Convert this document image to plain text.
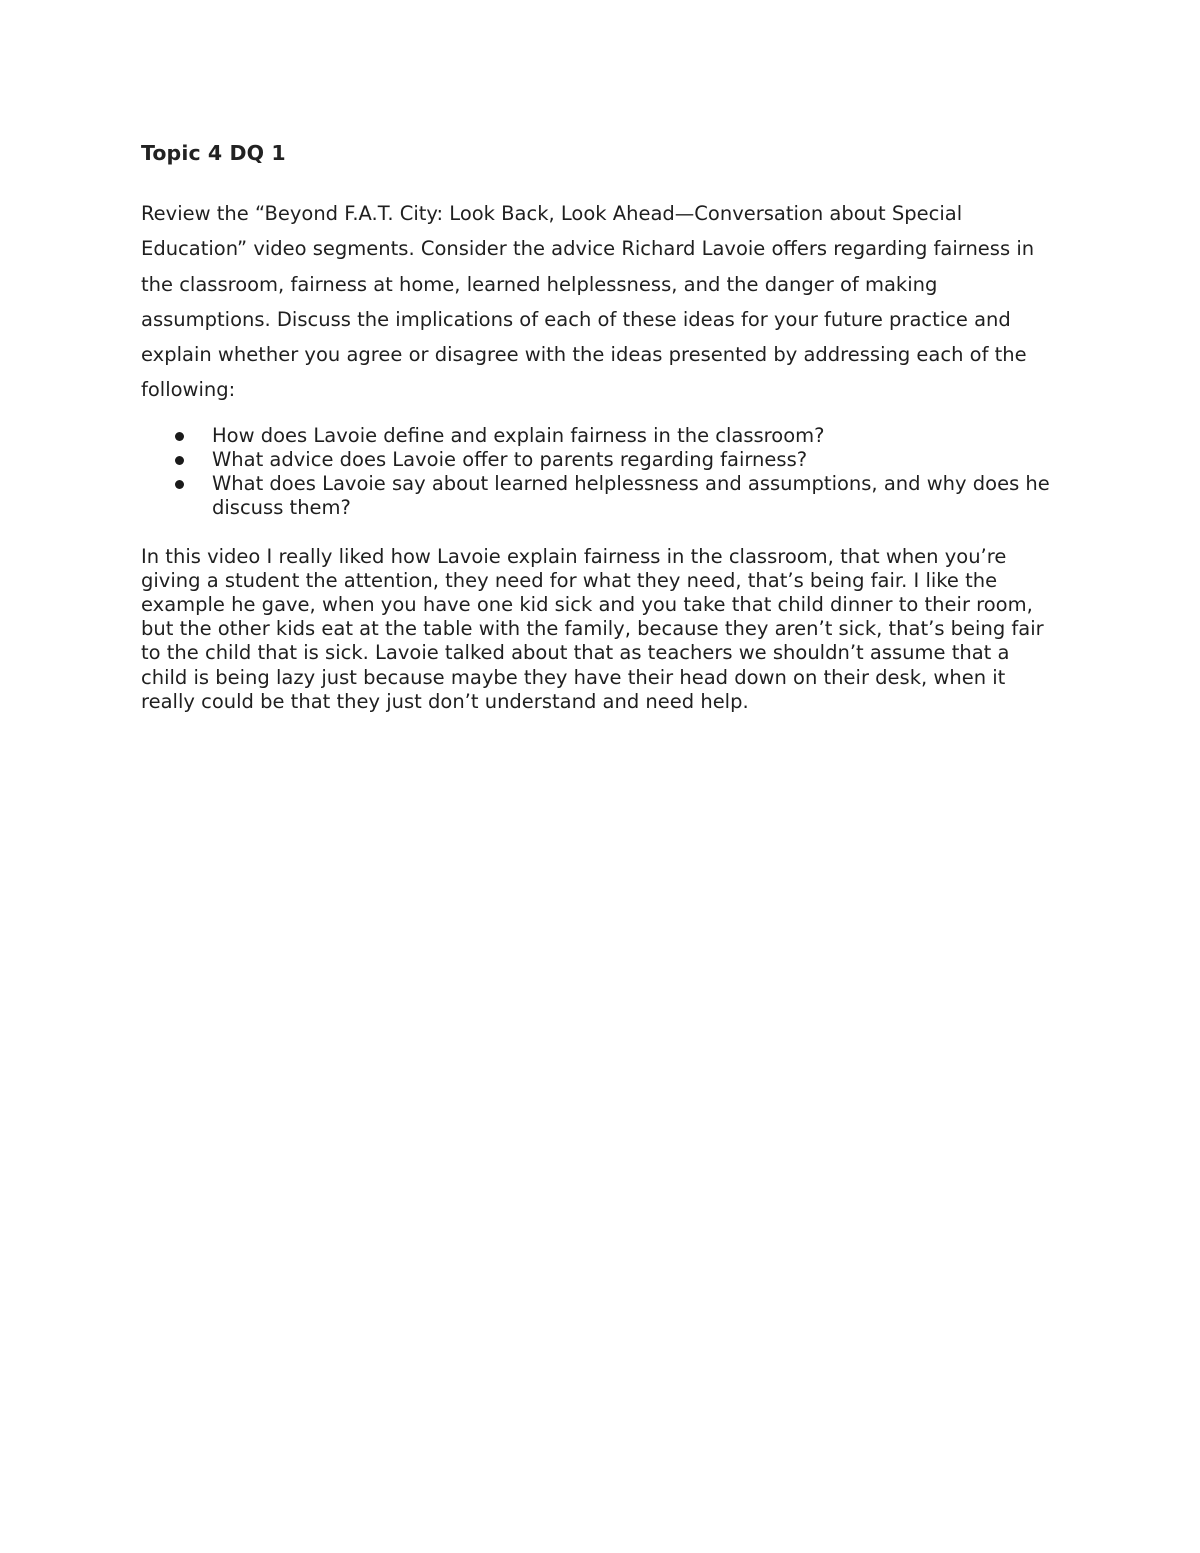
Topic 4 DQ 1

Review the “Beyond F.A.T. City: Look Back, Look Ahead—Conversation about Special Education” video segments. Consider the advice Richard Lavoie offers regarding fairness in the classroom, fairness at home, learned helplessness, and the danger of making assumptions. Discuss the implications of each of these ideas for your future practice and explain whether you agree or disagree with the ideas presented by addressing each of the following:

How does Lavoie define and explain fairness in the classroom?
What advice does Lavoie offer to parents regarding fairness?
What does Lavoie say about learned helplessness and assumptions, and why does he discuss them?

In this video I really liked how Lavoie explain fairness in the classroom, that when you’re giving a student the attention, they need for what they need, that’s being fair. I like the example he gave, when you have one kid sick and you take that child dinner to their room, but the other kids eat at the table with the family, because they aren’t sick, that’s being fair to the child that is sick. Lavoie talked about that as teachers we shouldn’t assume that a child is being lazy just because maybe they have their head down on their desk, when it really could be that they just don’t understand and need help.
